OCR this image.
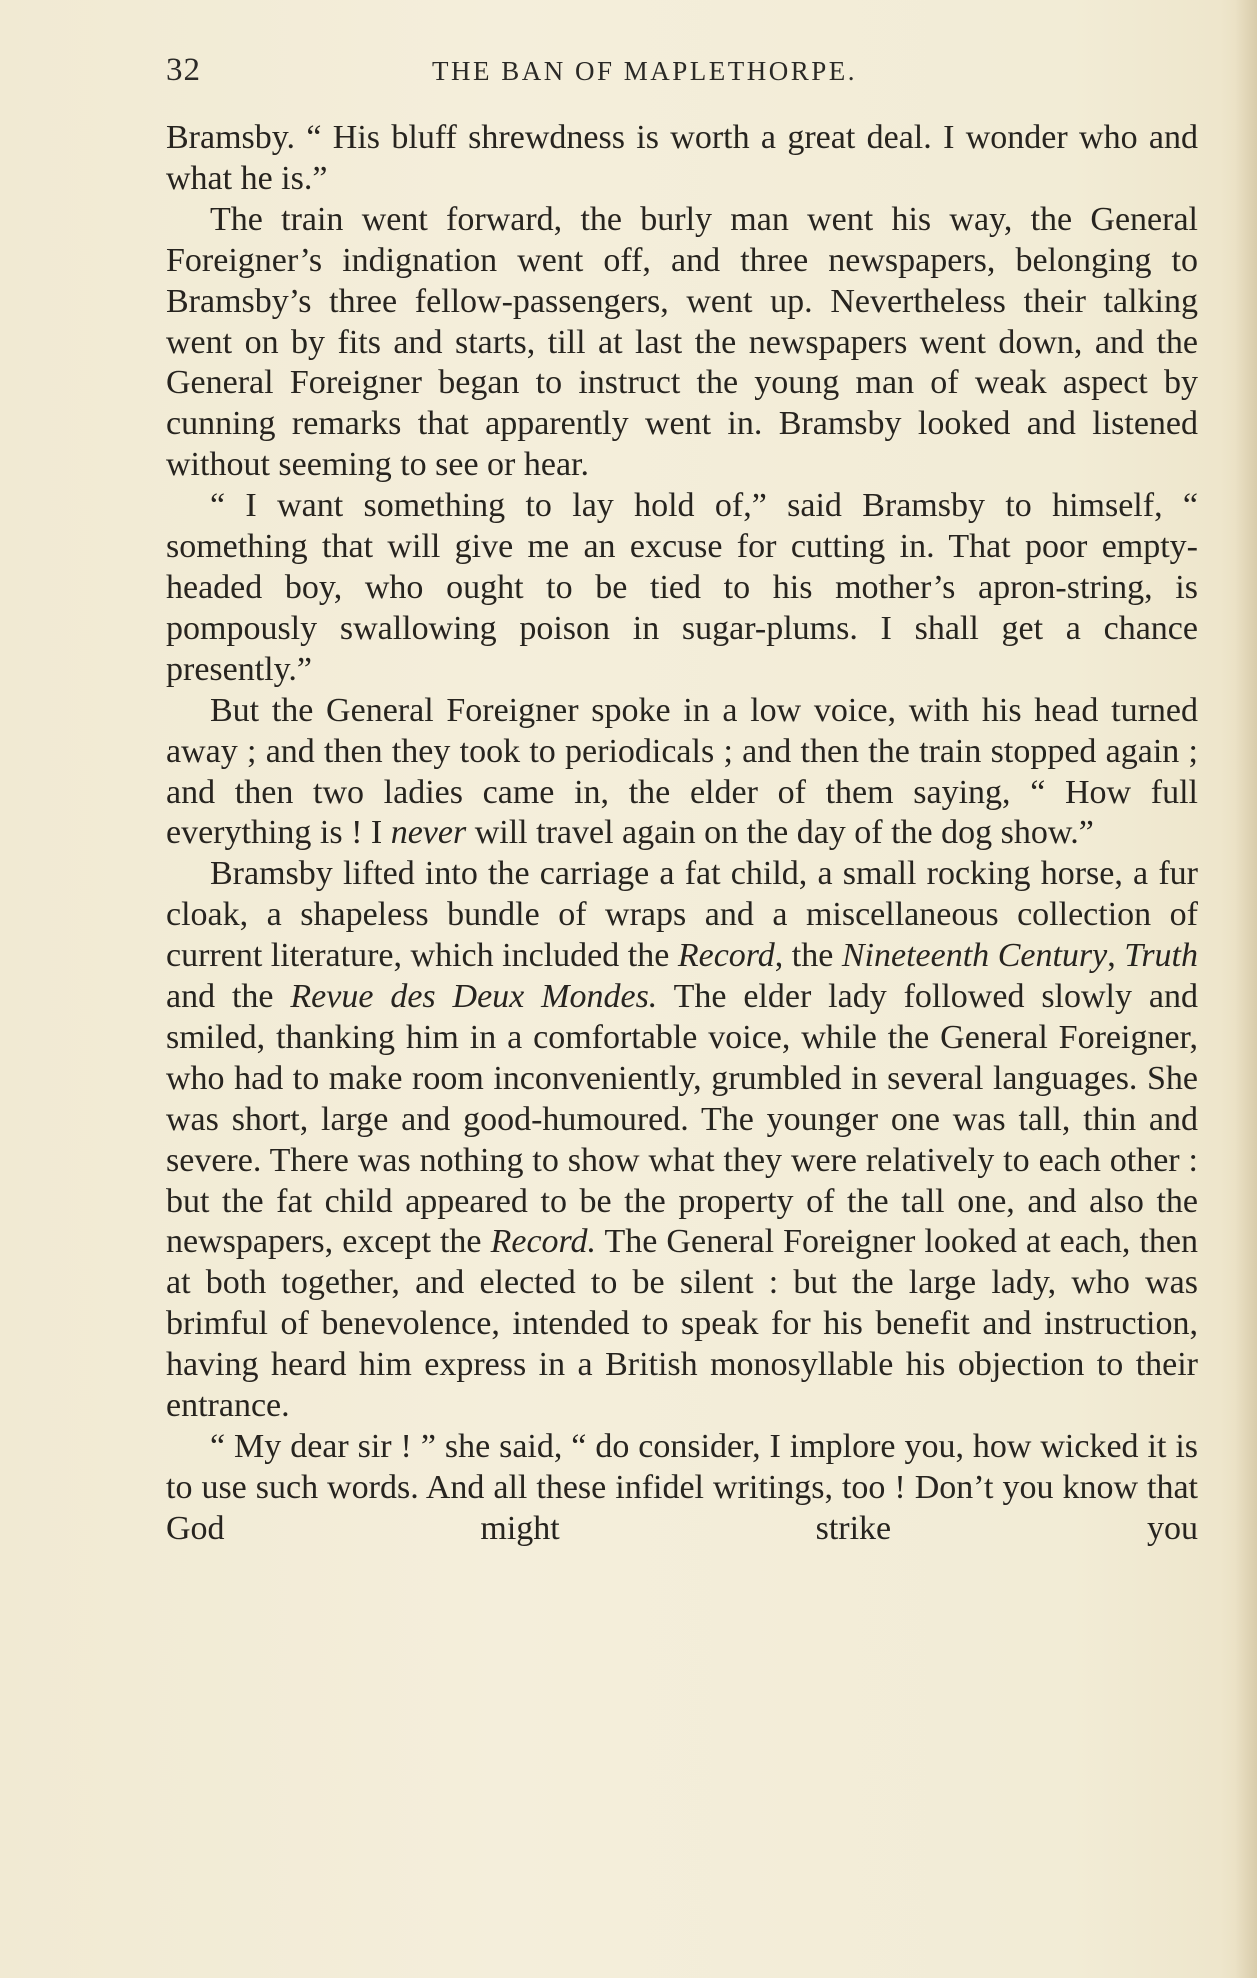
32	THE BAN OF MAPLETHORPE.

Bramsby. “ His bluff shrewdness is worth a great deal. I wonder who and what he is.”

The train went forward, the burly man went his way, the General Foreigner’s indignation went off, and three newspapers, belonging to Bramsby’s three fellow-passengers, went up. Nevertheless their talking went on by fits and starts, till at last the newspapers went down, and the General Foreigner began to instruct the young man of weak aspect by cunning remarks that apparently went in. Bramsby looked and listened without seeming to see or hear.

“ I want something to lay hold of,” said Bramsby to himself, “ something that will give me an excuse for cutting in. That poor empty-headed boy, who ought to be tied to his mother’s apron-string, is pompously swallowing poison in sugar-plums. I shall get a chance presently.”

But the General Foreigner spoke in a low voice, with his head turned away ; and then they took to periodicals ; and then the train stopped again ; and then two ladies came in, the elder of them saying, “ How full everything is ! I never will travel again on the day of the dog show.”

Bramsby lifted into the carriage a fat child, a small rocking horse, a fur cloak, a shapeless bundle of wraps and a miscellaneous collection of current literature, which included the Record, the Nineteenth Century, Truth and the Revue des Deux Mondes. The elder lady followed slowly and smiled, thanking him in a comfortable voice, while the General Foreigner, who had to make room inconveniently, grumbled in several languages. She was short, large and good-humoured. The younger one was tall, thin and severe. There was nothing to show what they were relatively to each other : but the fat child appeared to be the property of the tall one, and also the newspapers, except the Record. The General Foreigner looked at each, then at both together, and elected to be silent : but the large lady, who was brimful of benevolence, intended to speak for his benefit and instruction, having heard him express in a British monosyllable his objection to their entrance.

“ My dear sir ! ” she said, “ do consider, I implore you, how wicked it is to use such words. And all these infidel writings, too ! Don’t you know that God might strike you
